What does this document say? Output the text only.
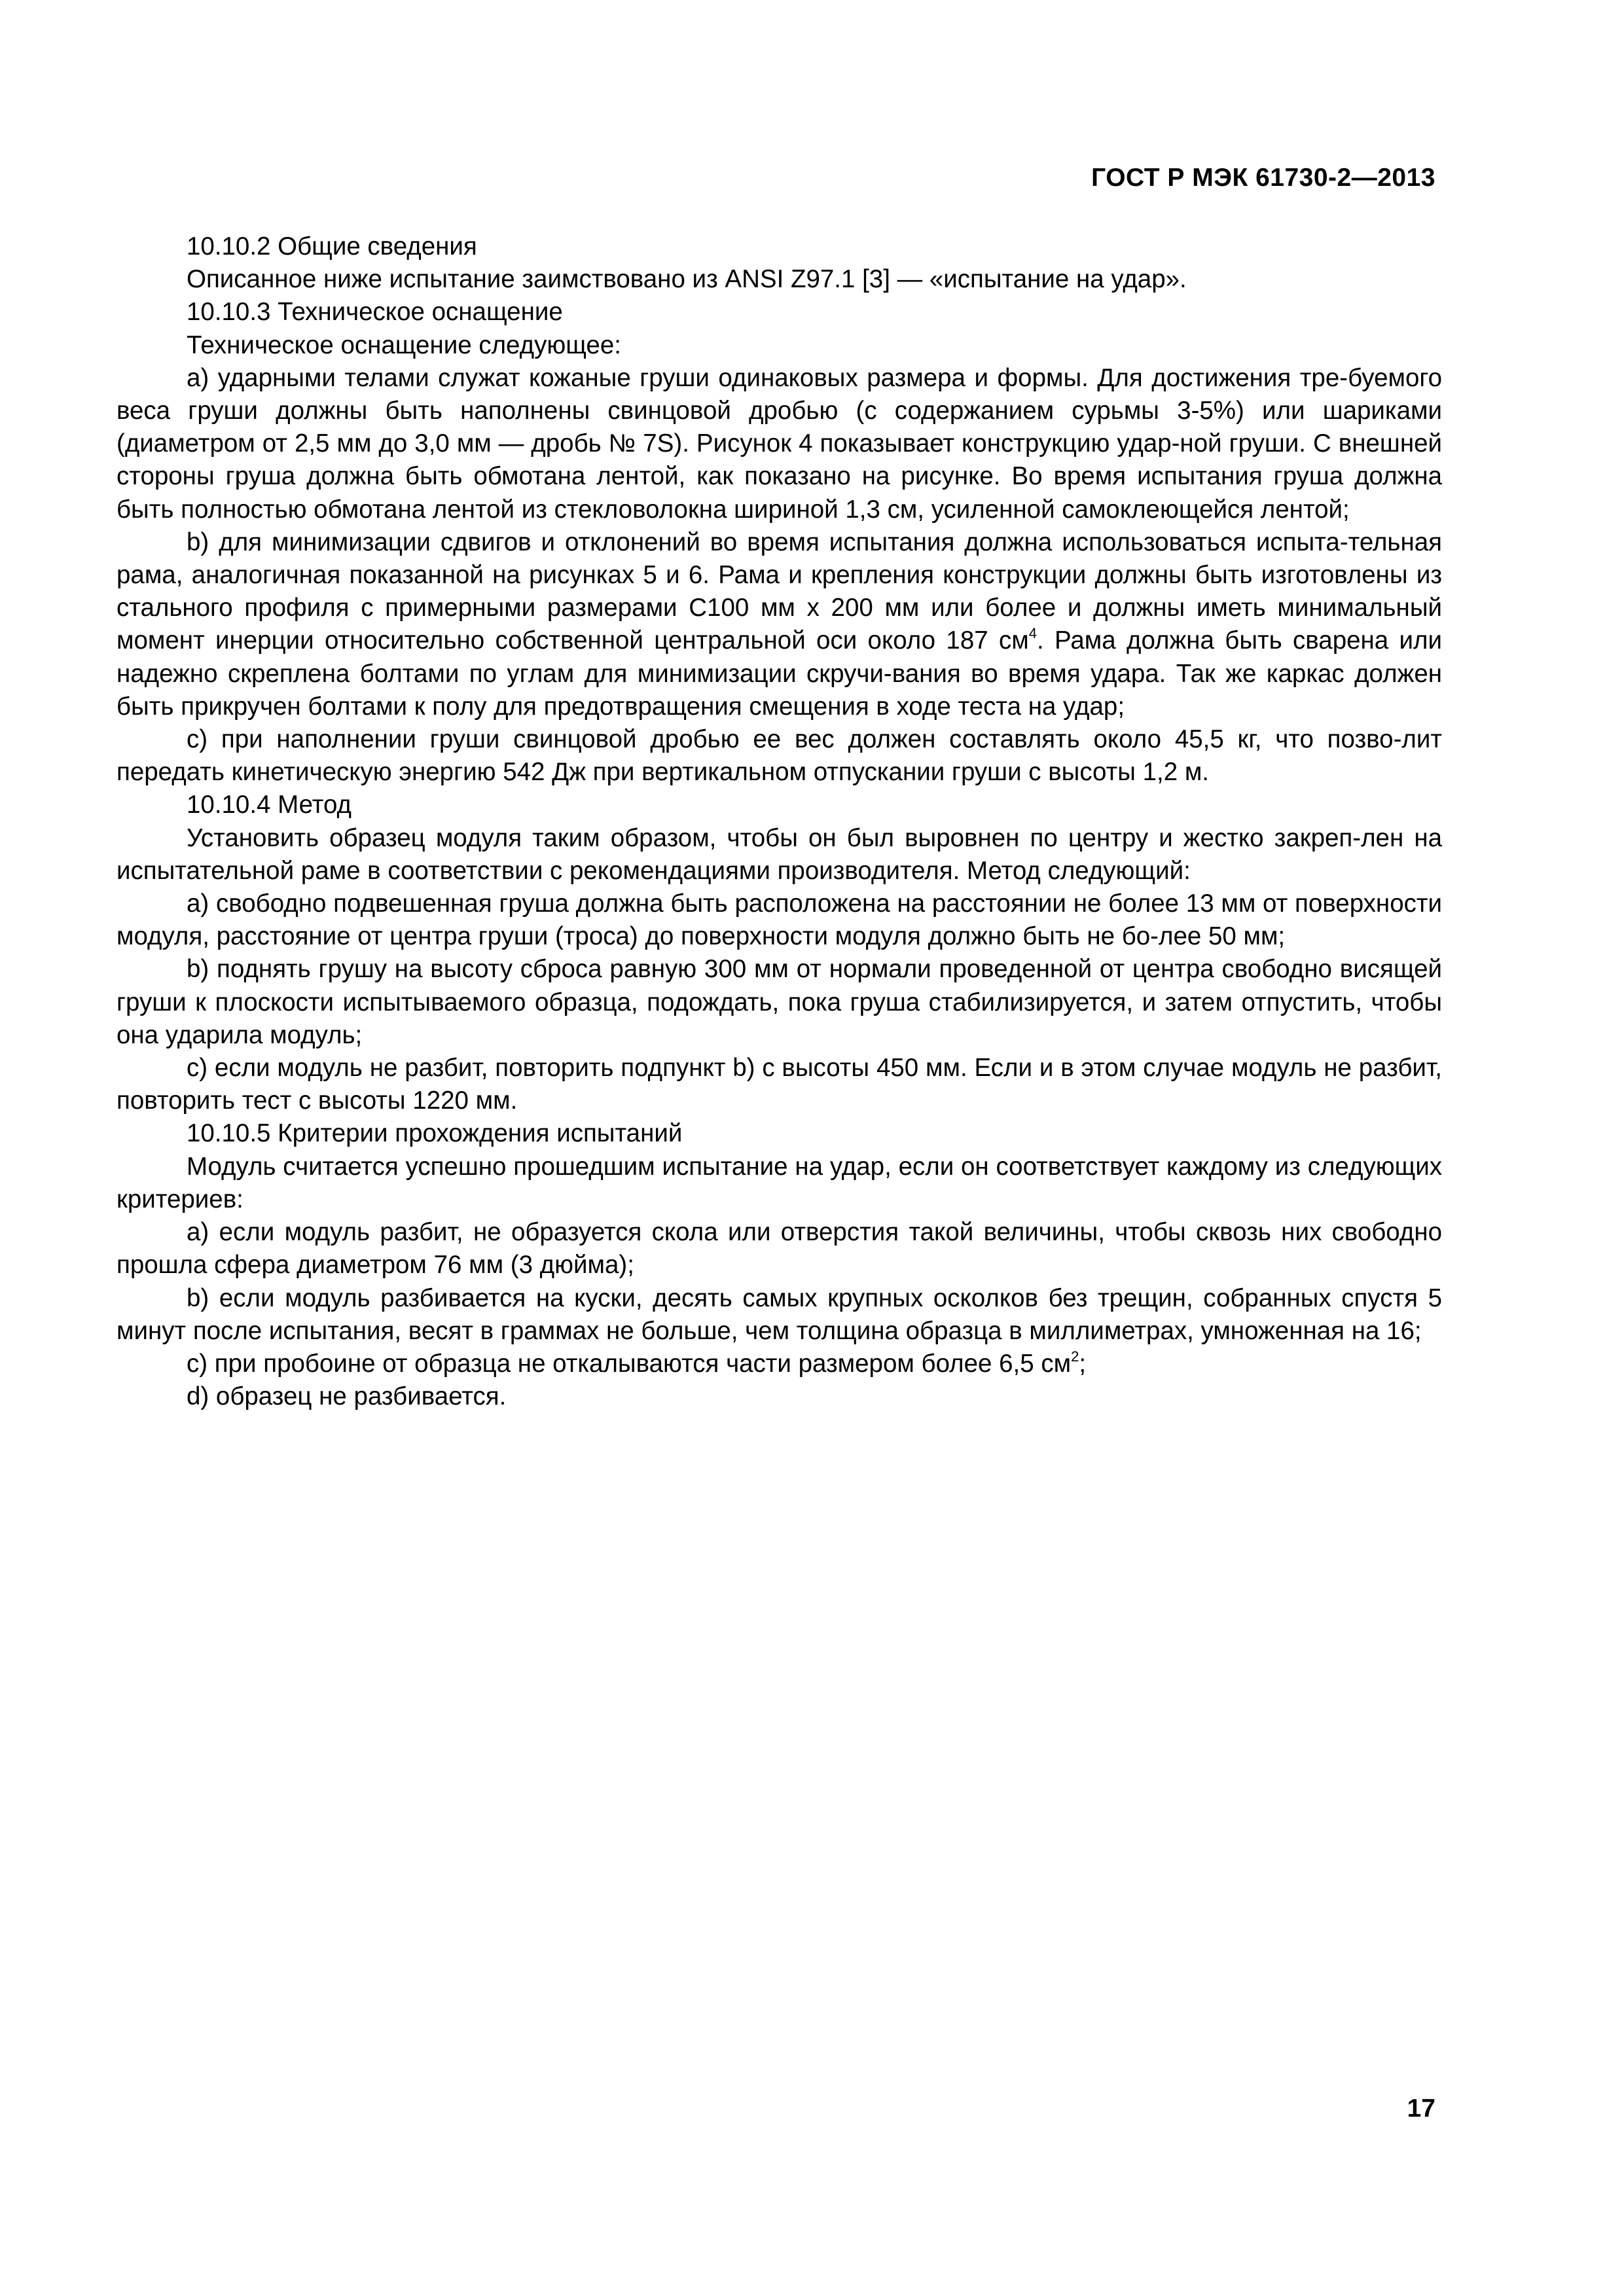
ГОСТ Р МЭК 61730-2—2013

10.10.2 Общие сведения

Описанное ниже испытание заимствовано из ANSI Z97.1 [3] — «испытание на удар».

10.10.3 Техническое оснащение

Техническое оснащение следующее:

a) ударными телами служат кожаные груши одинаковых размера и формы. Для достижения тре-буемого веса груши должны быть наполнены свинцовой дробью (с содержанием сурьмы 3-5%) или шариками (диаметром от 2,5 мм до 3,0 мм — дробь № 7S). Рисунок 4 показывает конструкцию удар-ной груши. С внешней стороны груша должна быть обмотана лентой, как показано на рисунке. Во время испытания груша должна быть полностью обмотана лентой из стекловолокна шириной 1,3 см, усиленной самоклеющейся лентой;

b) для минимизации сдвигов и отклонений во время испытания должна использоваться испыта-тельная рама, аналогичная показанной на рисунках 5 и 6. Рама и крепления конструкции должны быть изготовлены из стального профиля с примерными размерами C100 мм x 200 мм или более и должны иметь минимальный момент инерции относительно собственной центральной оси около 187 $см^4$. Рама должна быть сварена или надежно скреплена болтами по углам для минимизации скручи-вания во время удара. Так же каркас должен быть прикручен болтами к полу для предотвращения смещения в ходе теста на удар;

c) при наполнении груши свинцовой дробью ее вес должен составлять около 45,5 кг, что позво-лит передать кинетическую энергию 542 Дж при вертикальном отпускании груши с высоты 1,2 м.

10.10.4 Метод

Установить образец модуля таким образом, чтобы он был выровнен по центру и жестко закреп-лен на испытательной раме в соответствии с рекомендациями производителя. Метод следующий:

a) свободно подвешенная груша должна быть расположена на расстоянии не более 13 мм от поверхности модуля, расстояние от центра груши (троса) до поверхности модуля должно быть не бо-лее 50 мм;

b) поднять грушу на высоту сброса равную 300 мм от нормали проведенной от центра свободно висящей груши к плоскости испытываемого образца, подождать, пока груша стабилизируется, и затем отпустить, чтобы она ударила модуль;

c) если модуль не разбит, повторить подпункт b) с высоты 450 мм. Если и в этом случае модуль не разбит, повторить тест с высоты 1220 мм.

10.10.5 Критерии прохождения испытаний

Модуль считается успешно прошедшим испытание на удар, если он соответствует каждому из следующих критериев:

a) если модуль разбит, не образуется скола или отверстия такой величины, чтобы сквозь них свободно прошла сфера диаметром 76 мм (3 дюйма);

b) если модуль разбивается на куски, десять самых крупных осколков без трещин, собранных спустя 5 минут после испытания, весят в граммах не больше, чем толщина образца в миллиметрах, умноженная на 16;

c) при пробоине от образца не откалываются части размером более 6,5 $см^2$;

d) образец не разбивается.

17
